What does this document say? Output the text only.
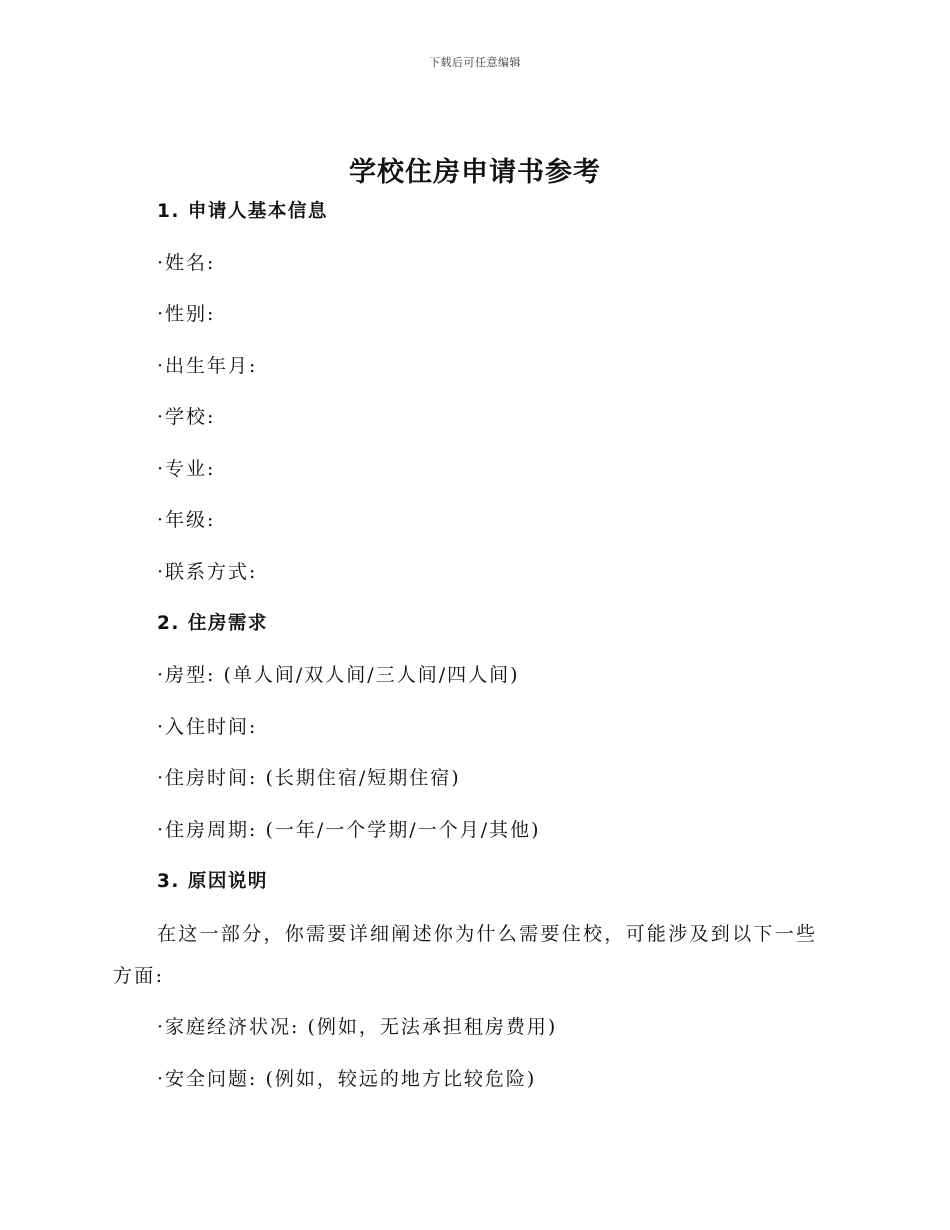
下载后可任意编辑
学校住房申请书参考
1. 申请人基本信息
·姓名:
·性别:
·出生年月:
·学校:
·专业:
·年级:
·联系方式:
2. 住房需求
·房型: (单人间/双人间/三人间/四人间)
·入住时间:
·住房时间: (长期住宿/短期住宿)
·住房周期: (一年/一个学期/一个月/其他)
3. 原因说明
在这一部分，你需要详细阐述你为什么需要住校，可能涉及到以下一些方面:
·家庭经济状况: (例如，无法承担租房费用)
·安全问题: (例如，较远的地方比较危险)
